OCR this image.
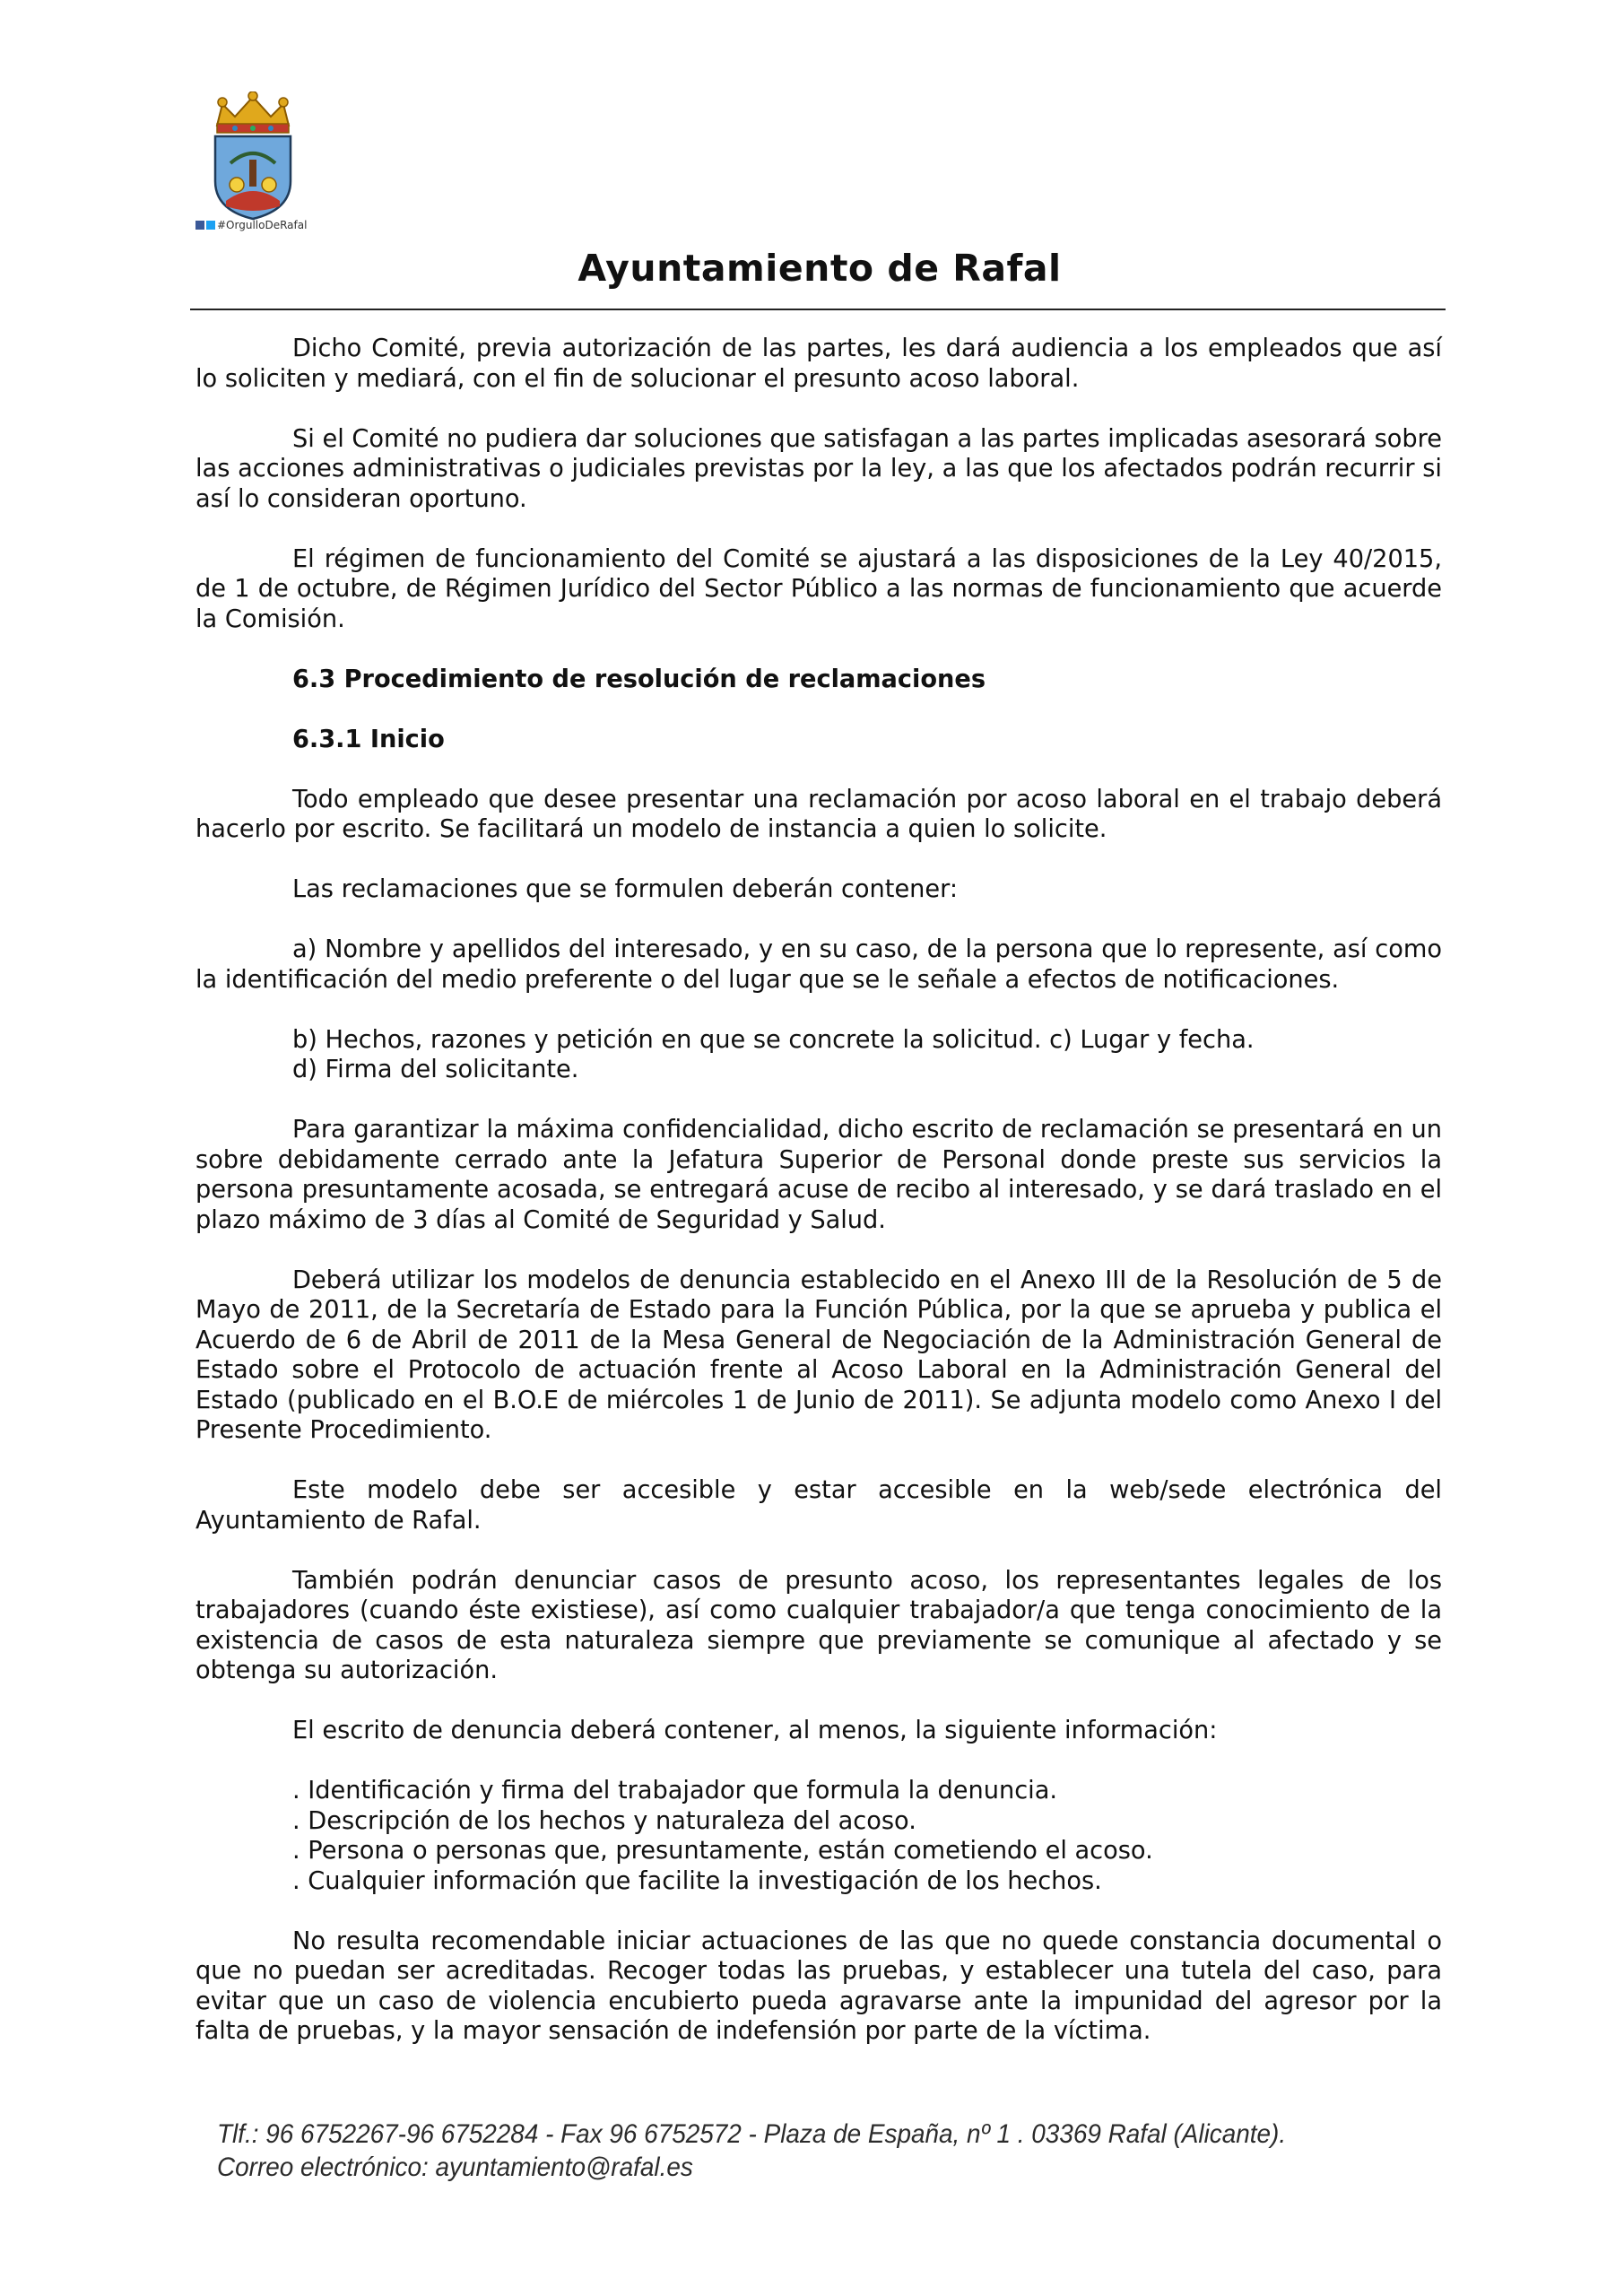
#OrgulloDeRafal
Ayuntamiento de Rafal

Dicho Comité, previa autorización de las partes, les dará audiencia a los empleados que así lo soliciten y mediará, con el fin de solucionar el presunto acoso laboral.

Si el Comité no pudiera dar soluciones que satisfagan a las partes implicadas asesorará sobre las acciones administrativas o judiciales previstas por la ley, a las que los afectados podrán recurrir si así lo consideran oportuno.

El régimen de funcionamiento del Comité se ajustará a las disposiciones de la Ley 40/2015, de 1 de octubre, de Régimen Jurídico del Sector Público a las normas de funcionamiento que acuerde la Comisión.

6.3 Procedimiento de resolución de reclamaciones
6.3.1 Inicio

Todo empleado que desee presentar una reclamación por acoso laboral en el trabajo deberá hacerlo por escrito. Se facilitará un modelo de instancia a quien lo solicite.

Las reclamaciones que se formulen deberán contener:

a) Nombre y apellidos del interesado, y en su caso, de la persona que lo represente, así como la identificación del medio preferente o del lugar que se le señale a efectos de notificaciones.

b) Hechos, razones y petición en que se concrete la solicitud. c) Lugar y fecha.

d) Firma del solicitante.

Para garantizar la máxima confidencialidad, dicho escrito de reclamación se presentará en un sobre debidamente cerrado ante la Jefatura Superior de Personal donde preste sus servicios la persona presuntamente acosada, se entregará acuse de recibo al interesado, y se dará traslado en el plazo máximo de 3 días al Comité de Seguridad y Salud.

Deberá utilizar los modelos de denuncia establecido en el Anexo III de la Resolución de 5 de Mayo de 2011, de la Secretaría de Estado para la Función Pública, por la que se aprueba y publica el Acuerdo de 6 de Abril de 2011 de la Mesa General de Negociación de la Administración General de Estado sobre el Protocolo de actuación frente al Acoso Laboral en la Administración General del Estado (publicado en el B.O.E de miércoles 1 de Junio de 2011). Se adjunta modelo como Anexo I del Presente Procedimiento.

Este modelo debe ser accesible y estar accesible en la web/sede electrónica del Ayuntamiento de Rafal.

También podrán denunciar casos de presunto acoso, los representantes legales de los trabajadores (cuando éste existiese), así como cualquier trabajador/a que tenga conocimiento de la existencia de casos de esta naturaleza siempre que previamente se comunique al afectado y se obtenga su autorización.

El escrito de denuncia deberá contener, al menos, la siguiente información:

. Identificación y firma del trabajador que formula la denuncia.
. Descripción de los hechos y naturaleza del acoso.
. Persona o personas que, presuntamente, están cometiendo el acoso.
. Cualquier información que facilite la investigación de los hechos.

No resulta recomendable iniciar actuaciones de las que no quede constancia documental o que no puedan ser acreditadas. Recoger todas las pruebas, y establecer una tutela del caso, para evitar que un caso de violencia encubierto pueda agravarse ante la impunidad del agresor por la falta de pruebas, y la mayor sensación de indefensión por parte de la víctima.

Tlf.: 96 6752267-96 6752284 - Fax 96 6752572 - Plaza de España, nº 1 . 03369 Rafal (Alicante).
Correo electrónico: ayuntamiento@rafal.es
